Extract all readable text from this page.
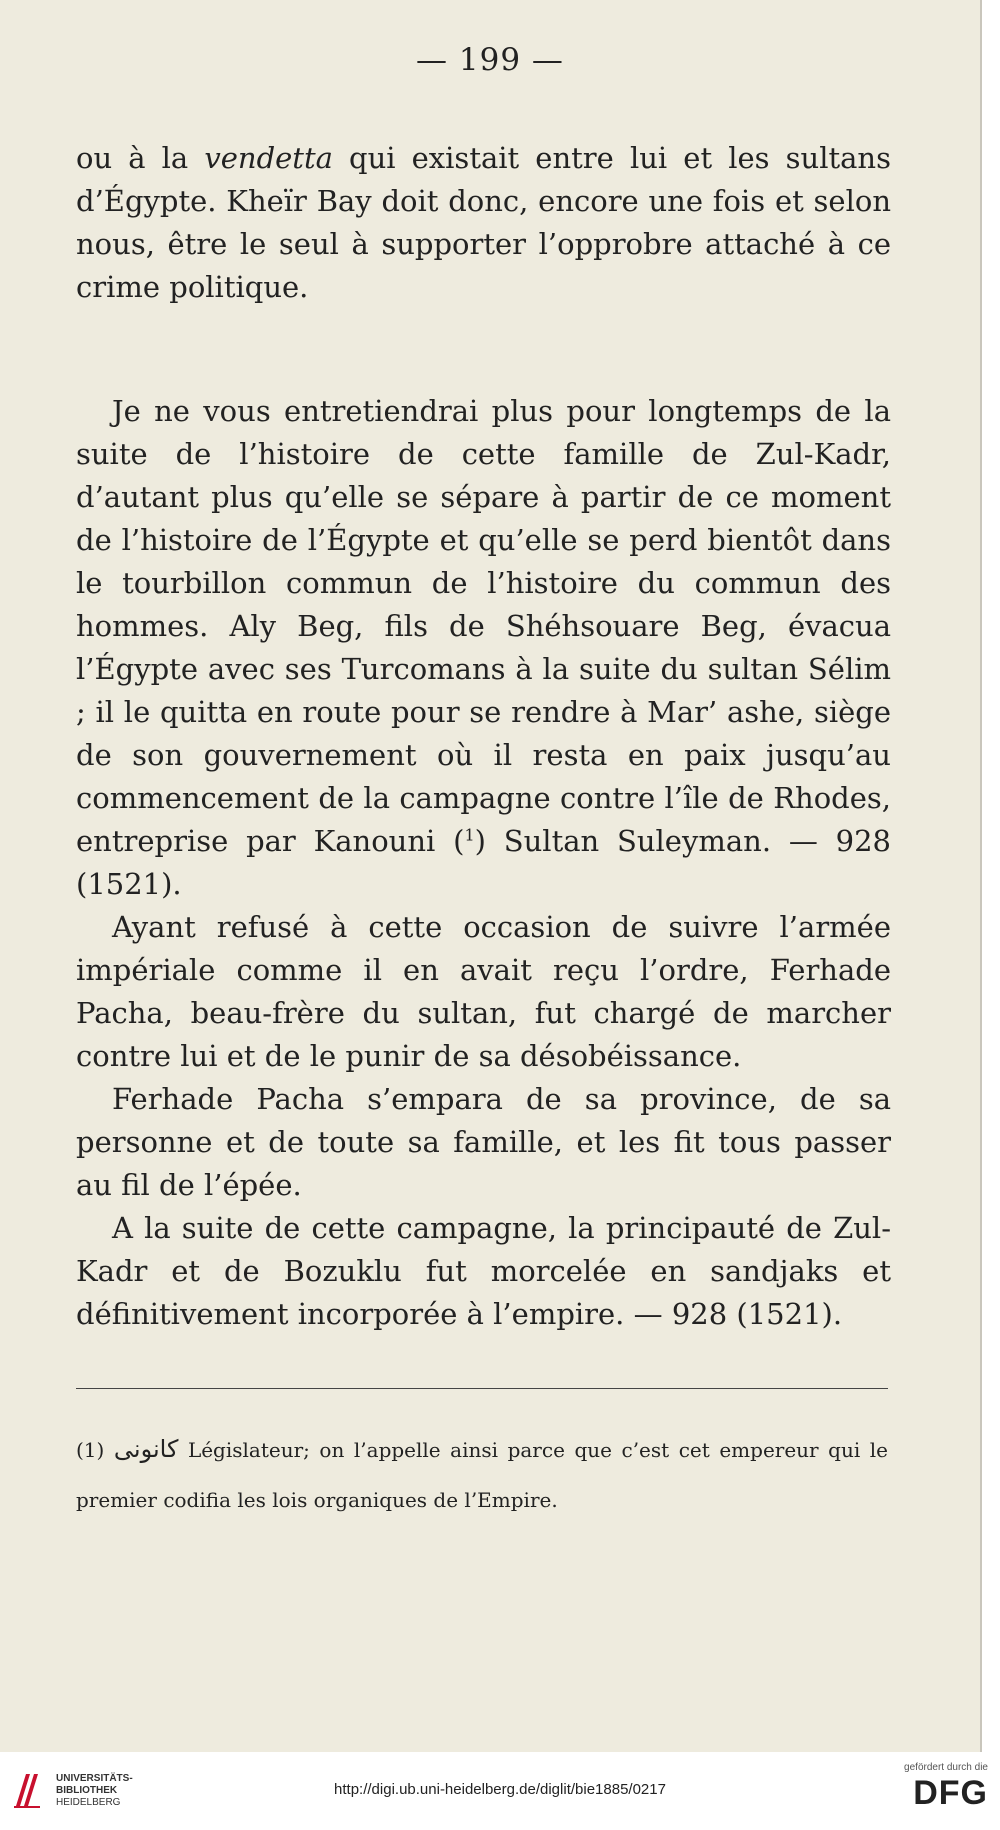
— 199 —

ou à la vendetta qui existait entre lui et les sultans d’Égypte. Kheïr Bay doit donc, encore une fois et selon nous, être le seul à supporter l’opprobre attaché à ce crime politique.

Je ne vous entretiendrai plus pour longtemps de la suite de l’histoire de cette famille de Zul-Kadr, d’autant plus qu’elle se sépare à partir de ce moment de l’histoire de l’Égypte et qu’elle se perd bientôt dans le tourbillon commun de l’histoire du commun des hommes. Aly Beg, fils de Shéhsouare Beg, évacua l’Égypte avec ses Turcomans à la suite du sultan Sélim ; il le quitta en route pour se rendre à Mar’ ashe, siège de son gouvernement où il resta en paix jusqu’au commencement de la campagne contre l’île de Rhodes, entreprise par Kanouni ($^1$) Sultan Suleyman. — 928 (1521).

Ayant refusé à cette occasion de suivre l’armée impériale comme il en avait reçu l’ordre, Ferhade Pacha, beau-frère du sultan, fut chargé de marcher contre lui et de le punir de sa désobéissance.

Ferhade Pacha s’empara de sa province, de sa personne et de toute sa famille, et les fit tous passer au fil de l’épée.

A la suite de cette campagne, la principauté de Zul-Kadr et de Bozuklu fut morcelée en sandjaks et définitivement incorporée à l’empire. — 928 (1521).

(1) كانونى Législateur; on l’appelle ainsi parce que c’est cet empereur qui le premier codifia les lois organiques de l’Empire.
UNIVERSITÄTS-
BIBLIOTHEK
HEIDELBERG
http://digi.ub.uni-heidelberg.de/diglit/bie1885/0217
gefördert durch die
DFG
